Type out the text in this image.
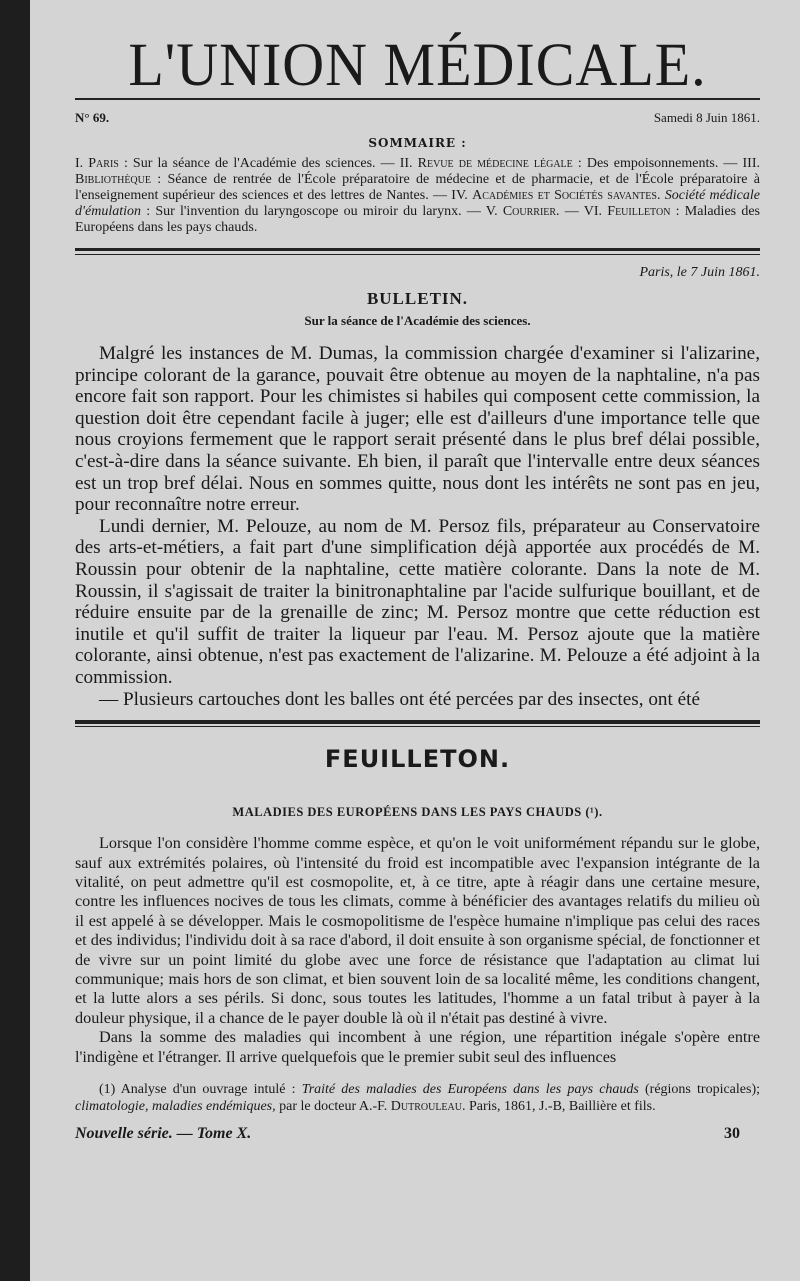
L'UNION MÉDICALE.
N° 69.	Samedi 8 Juin 1861.
SOMMAIRE :
I. Paris : Sur la séance de l'Académie des sciences. — II. Revue de médecine légale : Des empoisonnements. — III. Bibliothèque : Séance de rentrée de l'École préparatoire de médecine et de pharmacie, et de l'École préparatoire à l'enseignement supérieur des sciences et des lettres de Nantes. — IV. Académies et Sociétés savantes. Société médicale d'émulation : Sur l'invention du laryngoscope ou miroir du larynx. — V. Courrier. — VI. Feuilleton : Maladies des Européens dans les pays chauds.
Paris, le 7 Juin 1861.
BULLETIN.
Sur la séance de l'Académie des sciences.

Malgré les instances de M. Dumas, la commission chargée d'examiner si l'alizarine, principe colorant de la garance, pouvait être obtenue au moyen de la naphtaline, n'a pas encore fait son rapport. Pour les chimistes si habiles qui composent cette commission, la question doit être cependant facile à juger; elle est d'ailleurs d'une importance telle que nous croyions fermement que le rapport serait présenté dans le plus bref délai possible, c'est-à-dire dans la séance suivante. Eh bien, il paraît que l'intervalle entre deux séances est un trop bref délai. Nous en sommes quitte, nous dont les intérêts ne sont pas en jeu, pour reconnaître notre erreur.

Lundi dernier, M. Pelouze, au nom de M. Persoz fils, préparateur au Conservatoire des arts-et-métiers, a fait part d'une simplification déjà apportée aux procédés de M. Roussin pour obtenir de la naphtaline, cette matière colorante. Dans la note de M. Roussin, il s'agissait de traiter la binitronaphtaline par l'acide sulfurique bouillant, et de réduire ensuite par de la grenaille de zinc; M. Persoz montre que cette réduction est inutile et qu'il suffit de traiter la liqueur par l'eau. M. Persoz ajoute que la matière colorante, ainsi obtenue, n'est pas exactement de l'alizarine. M. Pelouze a été adjoint à la commission.

— Plusieurs cartouches dont les balles ont été percées par des insectes, ont été

FEUILLETON.
MALADIES DES EUROPÉENS DANS LES PAYS CHAUDS (¹).

Lorsque l'on considère l'homme comme espèce, et qu'on le voit uniformément répandu sur le globe, sauf aux extrémités polaires, où l'intensité du froid est incompatible avec l'expansion intégrante de la vitalité, on peut admettre qu'il est cosmopolite, et, à ce titre, apte à réagir dans une certaine mesure, contre les influences nocives de tous les climats, comme à bénéficier des avantages relatifs du milieu où il est appelé à se développer. Mais le cosmopolitisme de l'espèce humaine n'implique pas celui des races et des individus; l'individu doit à sa race d'abord, il doit ensuite à son organisme spécial, de fonctionner et de vivre sur un point limité du globe avec une force de résistance que l'adaptation au climat lui communique; mais hors de son climat, et bien souvent loin de sa localité même, les conditions changent, et la lutte alors a ses périls. Si donc, sous toutes les latitudes, l'homme a un fatal tribut à payer à la douleur physique, il a chance de le payer double là où il n'était pas destiné à vivre.

Dans la somme des maladies qui incombent à une région, une répartition inégale s'opère entre l'indigène et l'étranger. Il arrive quelquefois que le premier subit seul des influences

(1) Analyse d'un ouvrage intulé : Traité des maladies des Européens dans les pays chauds (régions tropicales); climatologie, maladies endémiques, par le docteur A.-F. Dutroulеau. Paris, 1861, J.-B, Baillière et fils.
Nouvelle série. — Tome X.	30
